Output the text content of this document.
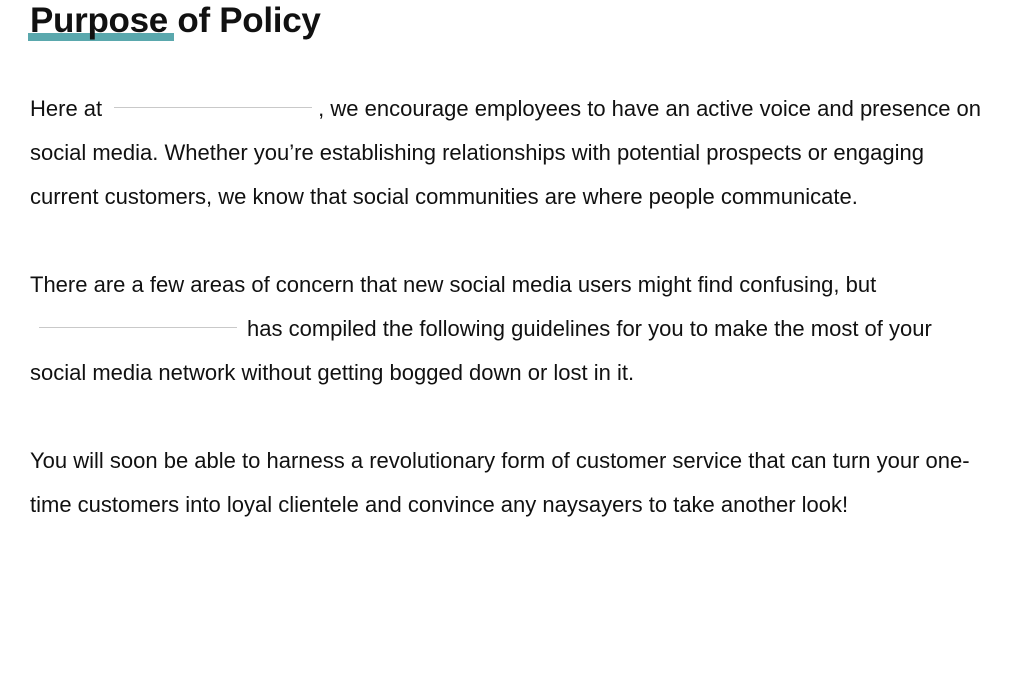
Purpose of Policy

Here at	, we encourage employees to have an active voice and presence on social media. Whether you’re establishing relationships with potential prospects or engaging current customers, we know that social communities are where people communicate.

There are a few areas of concern that new social media users might find confusing, buthas compiled the following guidelines for you to make the most of your social media network without getting bogged down or lost in it.

You will soon be able to harness a revolutionary form of customer service that can turn your one-time customers into loyal clientele and convince any naysayers to take another look!
